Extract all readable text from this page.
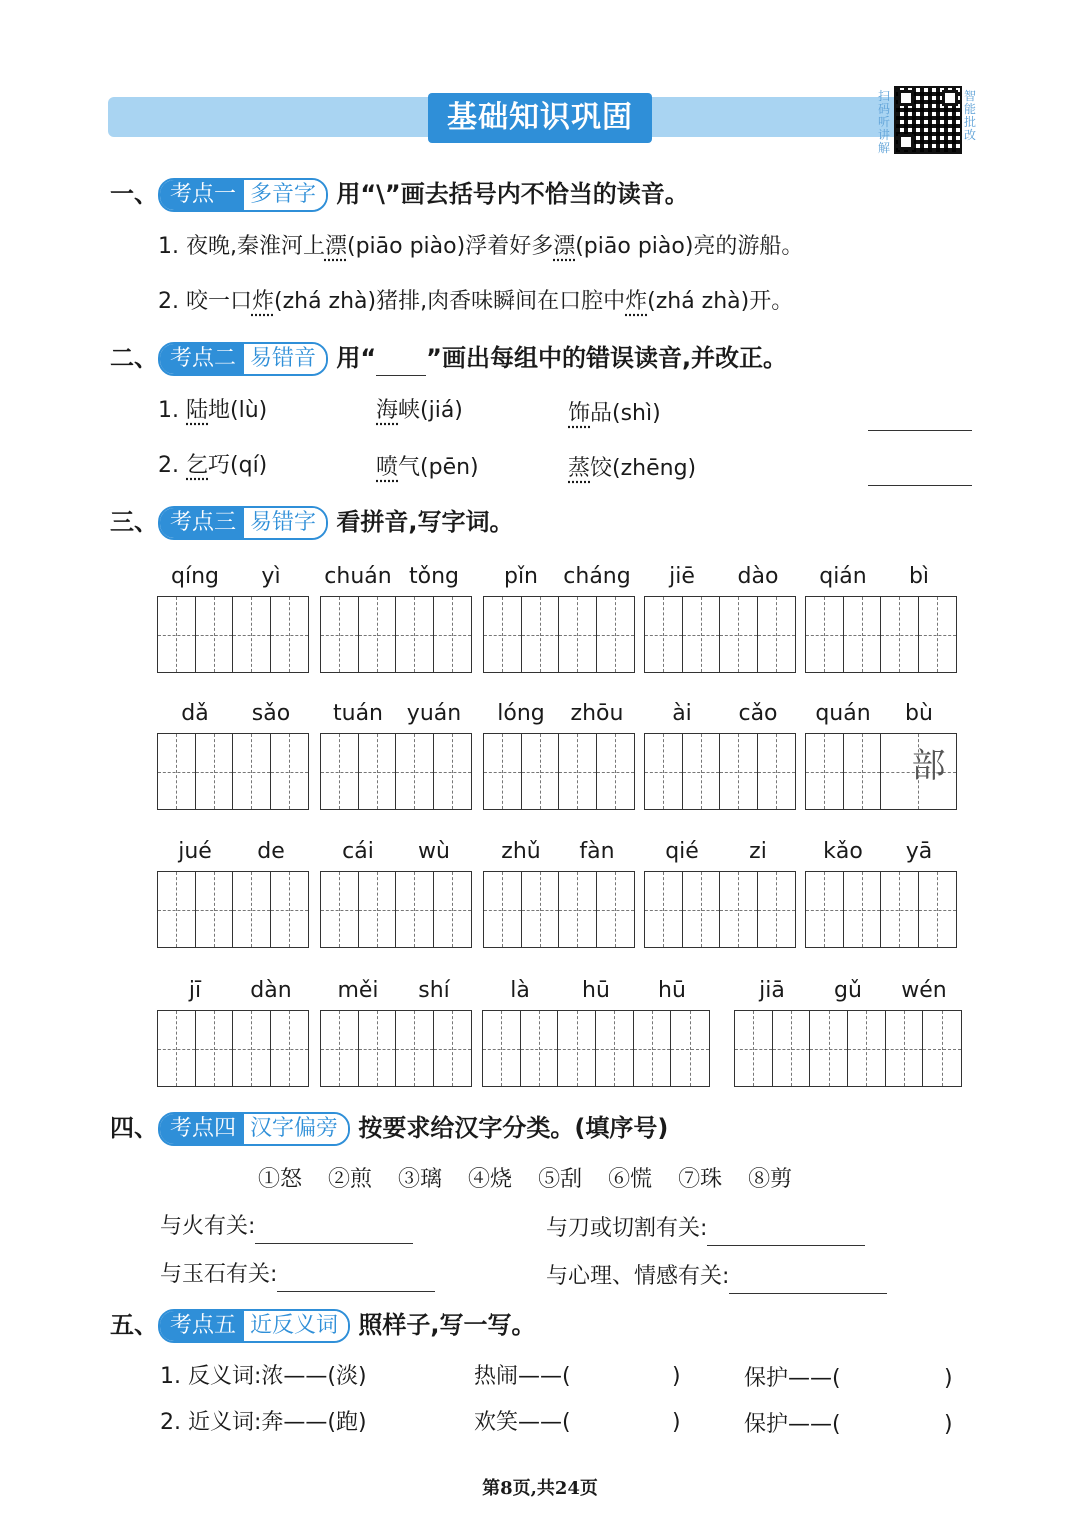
基础知识巩固
扫码听讲解
智能批改
一、 考点一 多音字 用“\”画去括号内不恰当的读音。
1. 夜晚,秦淮河上漂(piāo piào)浮着好多漂(piāo piào)亮的游船。
2. 咬一口炸(zhá zhà)猪排,肉香味瞬间在口腔中炸(zhá zhà)开。
二、 考点二 易错音 用“ ”画出每组中的错误读音,并改正。
1. 陆地(lù)	海峡(jiá)	饰品(shì)
2. 乞巧(qí)	喷气(pēn)	蒸饺(zhēng)
三、 考点三 易错字 看拼音,写字词。
qíng	yì	chuán tǒng	pǐn	cháng	jiē	dào	qián	bì
dǎ	sǎo	tuán	yuán	lóng	zhōu	ài	cǎo	quán	bù
部
jué	de	cái	wù	zhǔ	fàn	qié	zi	kǎo	yā
jī	dàn	měi	shí	là	hū	hū	jiā	gǔ	wén
四、 考点四 汉字偏旁 按要求给汉字分类。(填序号)
①怒 ②煎 ③璃 ④烧 ⑤刮 ⑥慌 ⑦珠 ⑧剪
与火有关:	与刀或切割有关:
与玉石有关:	与心理、情感有关:
五、 考点五 近反义词 照样子,写一写。
1. 反义词:浓——(淡)	热闹——(	)	保护——(	)
2. 近义词:奔——(跑)	欢笑——(	)	保护——(	)
第8页,共24页
